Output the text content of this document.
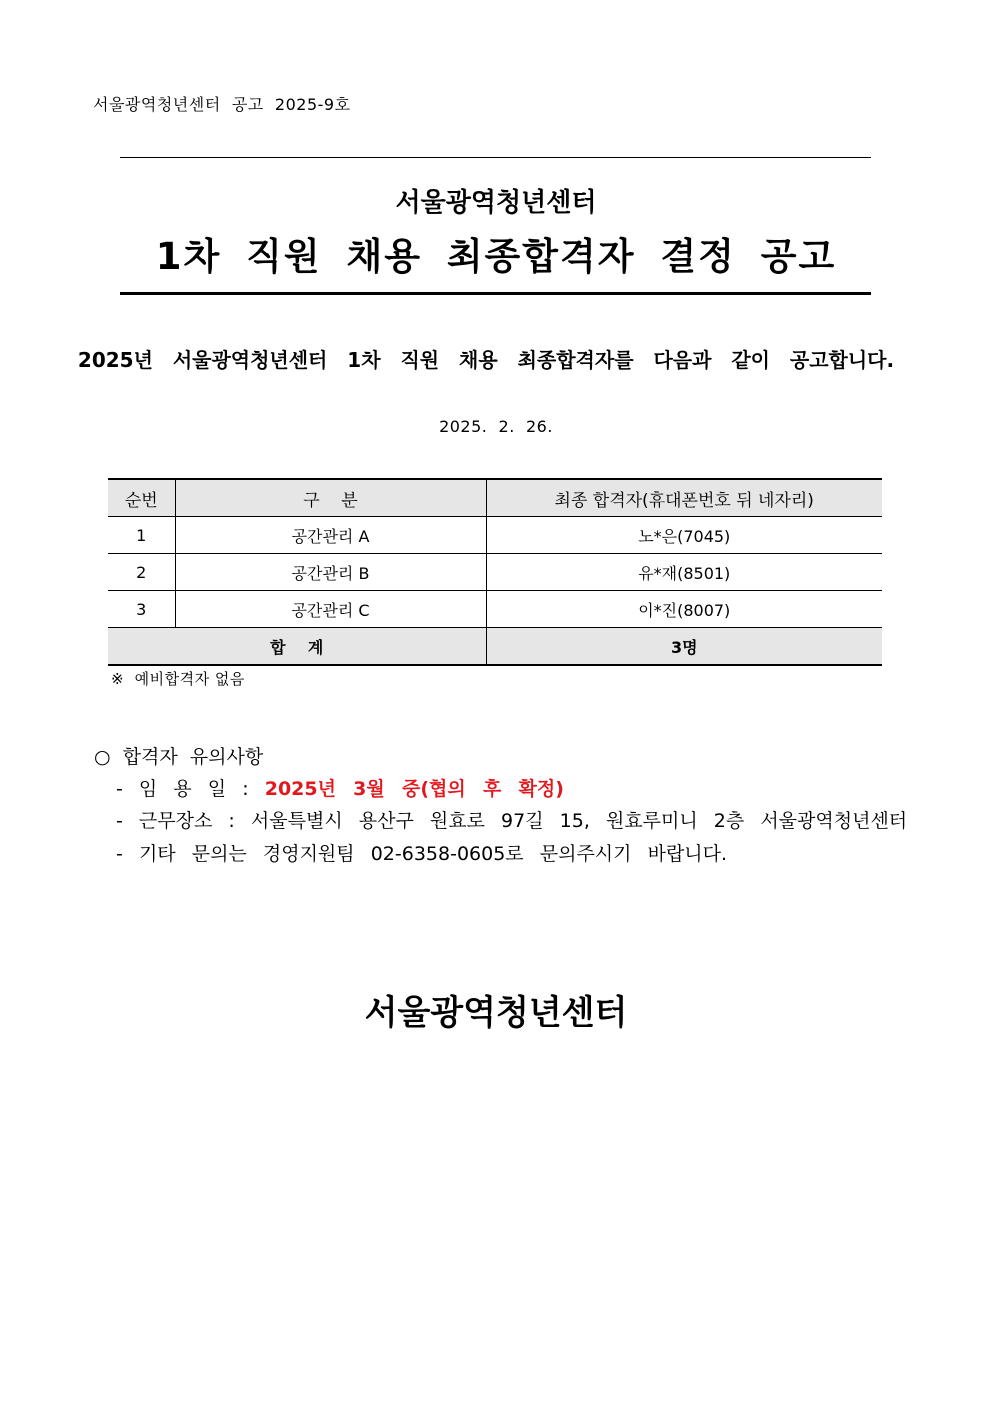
서울광역청년센터  공고  2025-9호
서울광역청년센터
1차 직원 채용 최종합격자 결정 공고
2025년  서울광역청년센터  1차  직원  채용  최종합격자를  다음과  같이  공고합니다.
2025.  2.  26.
순번	구    분	최종 합격자(휴대폰번호 뒤 네자리)
1	공간관리 A	노*은(7045)
2	공간관리 B	유*재(8501)
3	공간관리 C	이*진(8007)
합    계		3명
※  예비합격자 없음
○  합격자  유의사항
-  임  용  일  :  2025년  3월  중(협의  후  확정)
-  근무장소  :  서울특별시  용산구  원효로  97길  15,  원효루미니  2층  서울광역청년센터
-  기타  문의는  경영지원팀  02-6358-0605로  문의주시기  바랍니다.
서울광역청년센터
